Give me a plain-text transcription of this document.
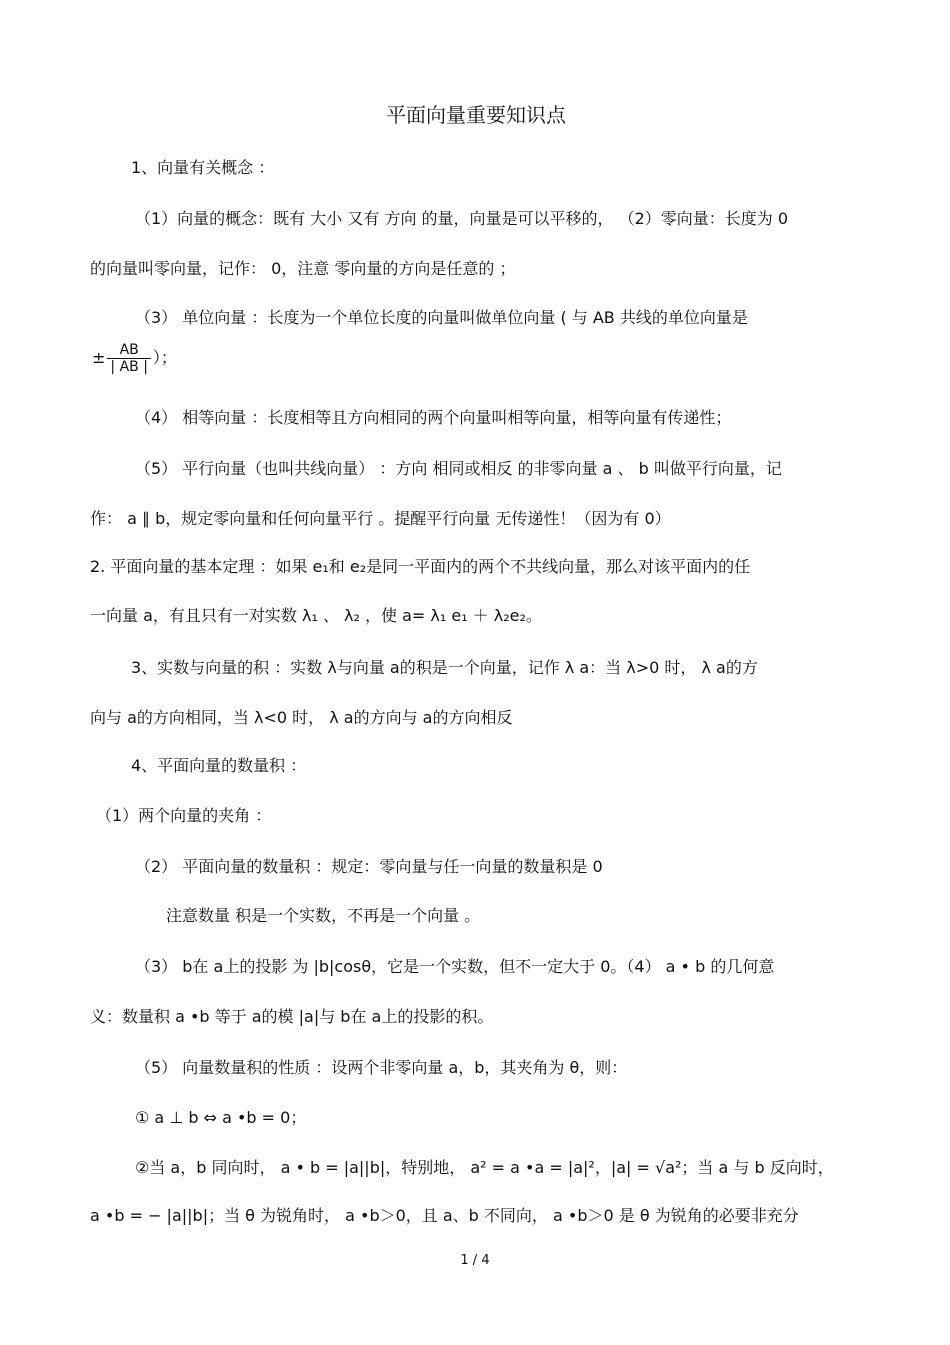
平面向量重要知识点
1、向量有关概念 ：
（1）向量的概念：既有 大小 又有 方向 的量，向量是可以平移的， （2）零向量：长度为 0
的向量叫零向量，记作： 0，注意 零向量的方向是任意的 ；
（3） 单位向量 ：长度为一个单位长度的向量叫做单位向量 ( 与 AB 共线的单位向量是
± $\frac{AB}{| AB |}$ ）；
（4） 相等向量 ：长度相等且方向相同的两个向量叫相等向量，相等向量有传递性；
（5） 平行向量（也叫共线向量） ：方向 相同或相反 的非零向量 a 、 b 叫做平行向量，记
作： a ∥ b，规定零向量和任何向量平行 。提醒平行向量 无传递性！（因为有 0）
2. 平面向量的基本定理 ：如果 e₁和 e₂是同一平面内的两个不共线向量，那么对该平面内的任
一向量 a，有且只有一对实数 λ₁ 、 λ₂ ，使 a= λ₁ e₁ ＋ λ₂e₂。
3、实数与向量的积 ：实数 λ与向量 a的积是一个向量，记作 λ a：当 λ>0 时， λ a的方
向与 a的方向相同，当 λ<0 时， λ a的方向与 a的方向相反
4、平面向量的数量积 ：
（1）两个向量的夹角 ：
（2） 平面向量的数量积 ：规定：零向量与任一向量的数量积是 0
注意数量 积是一个实数，不再是一个向量 。
（3） b在 a上的投影 为 |b|cosθ，它是一个实数，但不一定大于 0。（4） a • b 的几何意
义：数量积 a •b 等于 a的模 |a|与 b在 a上的投影的积。
（5） 向量数量积的性质 ：设两个非零向量 a，b，其夹角为 θ，则：
① a ⊥ b ⇔ a •b = 0；
②当 a，b 同向时， a • b = |a||b|，特别地， a² = a •a = |a|²，|a| = √a²；当 a 与 b 反向时，
a •b = − |a||b|；当 θ 为锐角时， a •b＞0，且 a、b 不同向， a •b＞0 是 θ 为锐角的必要非充分
1 / 4
